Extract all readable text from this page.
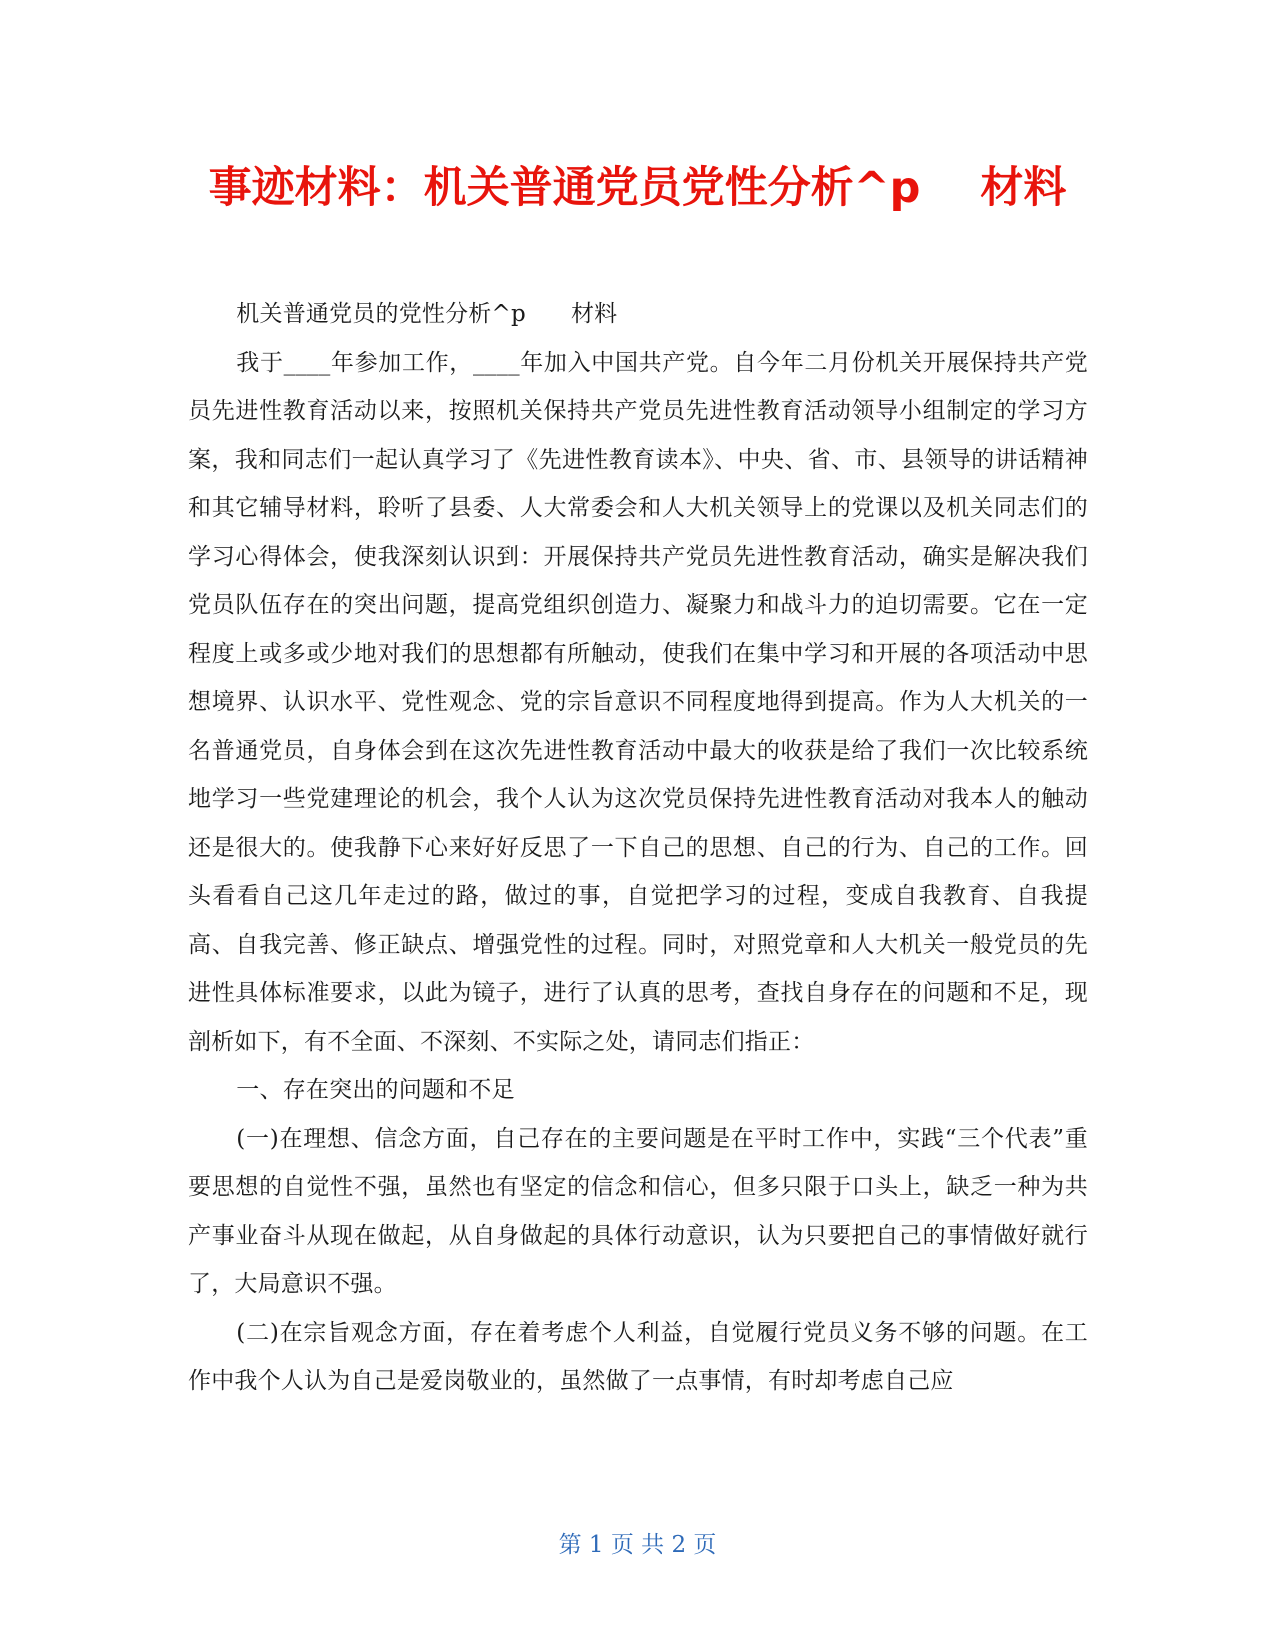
事迹材料：机关普通党员党性分析^p    材料

机关普通党员的党性分析^p      材料

我于____年参加工作，____年加入中国共产党。自今年二月份机关开展保持共产党员先进性教育活动以来，按照机关保持共产党员先进性教育活动领导小组制定的学习方案，我和同志们一起认真学习了《先进性教育读本》、中央、省、市、县领导的讲话精神和其它辅导材料，聆听了县委、人大常委会和人大机关领导上的党课以及机关同志们的学习心得体会，使我深刻认识到：开展保持共产党员先进性教育活动，确实是解决我们党员队伍存在的突出问题，提高党组织创造力、凝聚力和战斗力的迫切需要。它在一定程度上或多或少地对我们的思想都有所触动，使我们在集中学习和开展的各项活动中思想境界、认识水平、党性观念、党的宗旨意识不同程度地得到提高。作为人大机关的一名普通党员，自身体会到在这次先进性教育活动中最大的收获是给了我们一次比较系统地学习一些党建理论的机会，我个人认为这次党员保持先进性教育活动对我本人的触动还是很大的。使我静下心来好好反思了一下自己的思想、自己的行为、自己的工作。回头看看自己这几年走过的路，做过的事，自觉把学习的过程，变成自我教育、自我提高、自我完善、修正缺点、增强党性的过程。同时，对照党章和人大机关一般党员的先进性具体标准要求，以此为镜子，进行了认真的思考，查找自身存在的问题和不足，现剖析如下，有不全面、不深刻、不实际之处，请同志们指正：

一、存在突出的问题和不足

(一)在理想、信念方面，自己存在的主要问题是在平时工作中，实践“三个代表”重要思想的自觉性不强，虽然也有坚定的信念和信心，但多只限于口头上，缺乏一种为共产事业奋斗从现在做起，从自身做起的具体行动意识，认为只要把自己的事情做好就行了，大局意识不强。

(二)在宗旨观念方面，存在着考虑个人利益，自觉履行党员义务不够的问题。在工作中我个人认为自己是爱岗敬业的，虽然做了一点事情，有时却考虑自己应

第 1 页 共 2 页
